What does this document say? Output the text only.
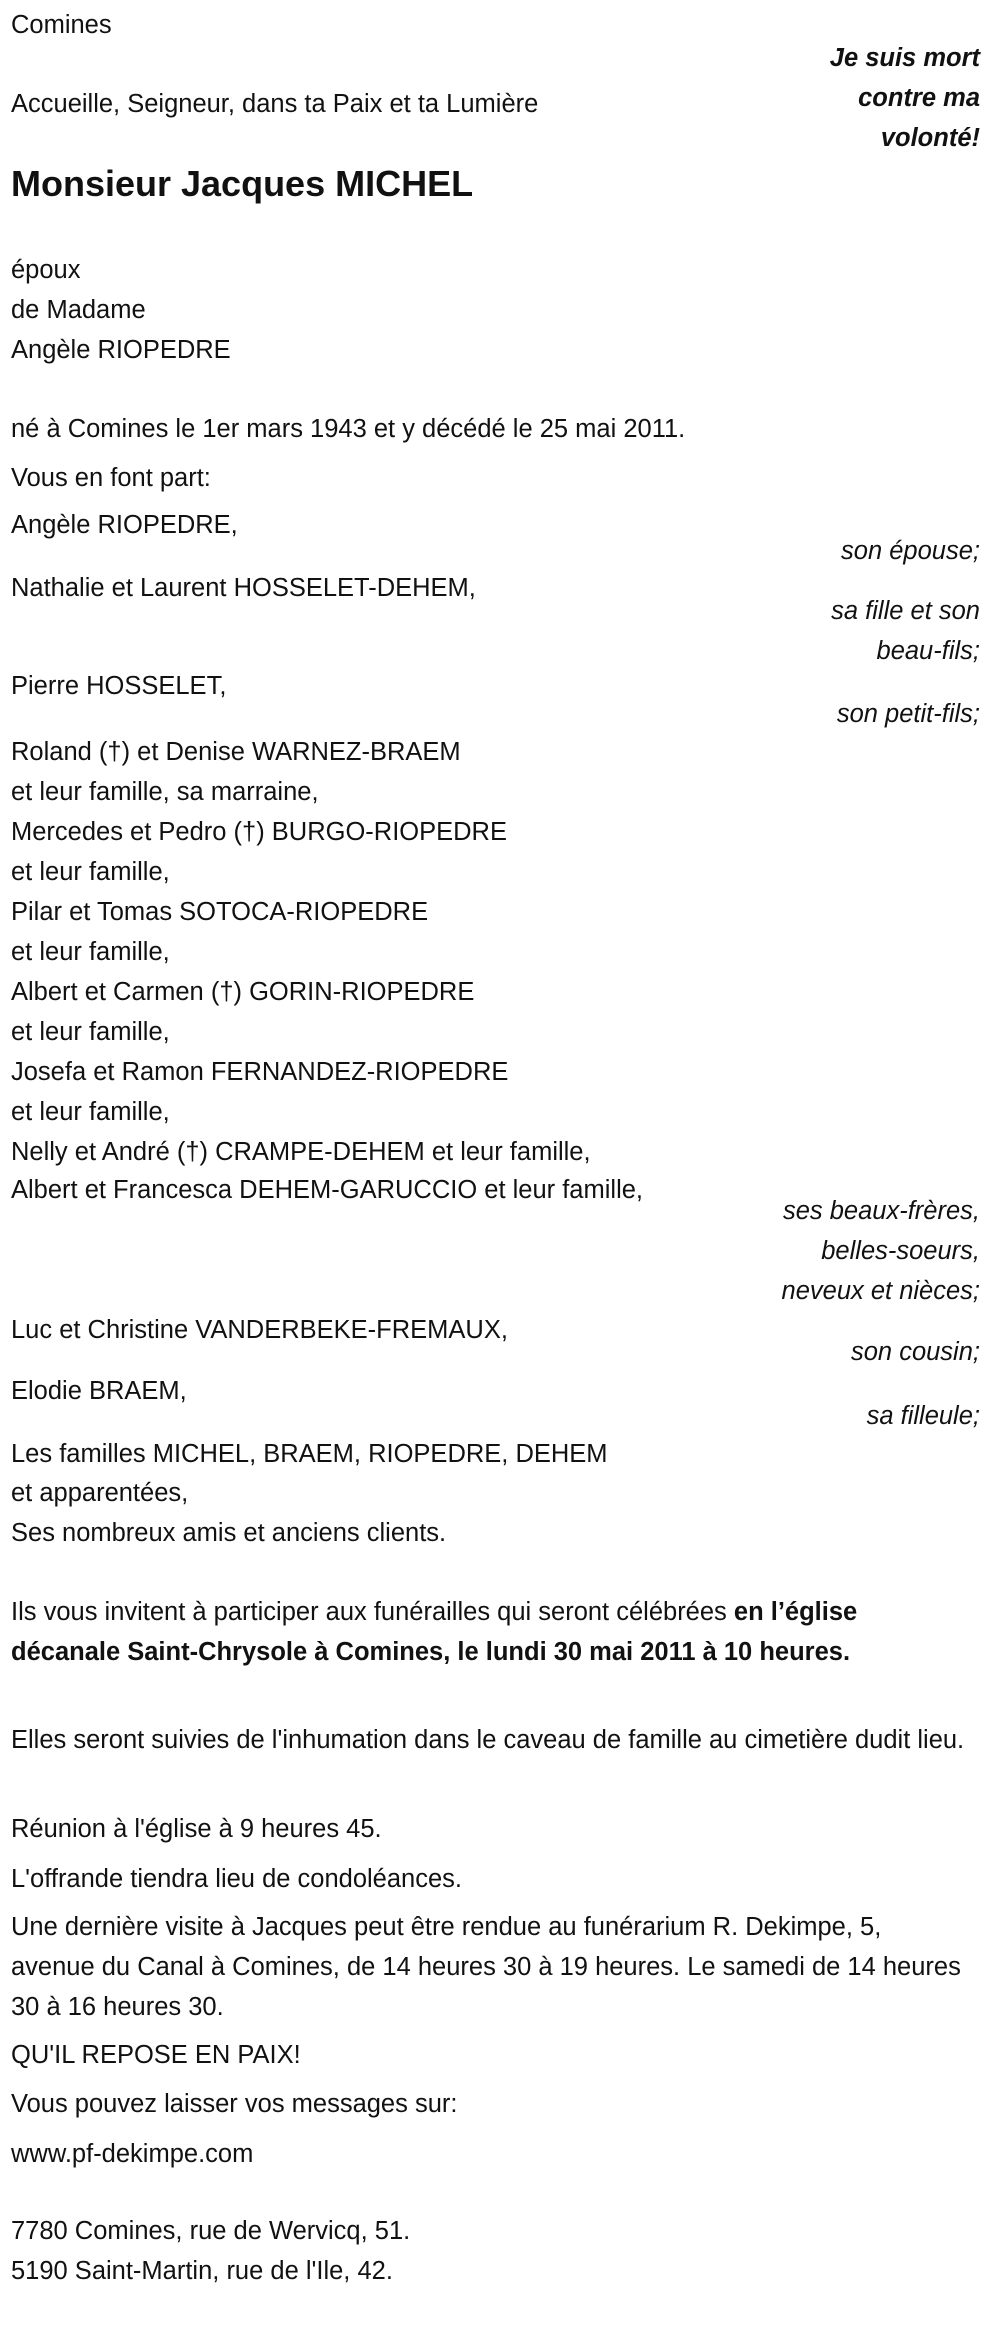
Comines
Je suis mort
contre ma
volonté!
Accueille, Seigneur, dans ta Paix et ta Lumière
Monsieur Jacques MICHEL
époux
de Madame
Angèle RIOPEDRE
né à Comines le 1er mars 1943 et y décédé le 25 mai 2011.
Vous en font part:
Angèle RIOPEDRE,
son épouse;
Nathalie et Laurent HOSSELET-DEHEM,
sa fille et son
beau-fils;
Pierre HOSSELET,
son petit-fils;
Roland (†) et Denise WARNEZ-BRAEM
et leur famille, sa marraine,
Mercedes et Pedro (†) BURGO-RIOPEDRE
et leur famille,
Pilar et Tomas SOTOCA-RIOPEDRE
et leur famille,
Albert et Carmen (†) GORIN-RIOPEDRE
et leur famille,
Josefa et Ramon FERNANDEZ-RIOPEDRE
et leur famille,
Nelly et André (†) CRAMPE-DEHEM et leur famille,
Albert et Francesca DEHEM-GARUCCIO et leur famille,
ses beaux-frères,
belles-soeurs,
neveux et nièces;
Luc et Christine VANDERBEKE-FREMAUX,
son cousin;
Elodie BRAEM,
sa filleule;
Les familles MICHEL, BRAEM, RIOPEDRE, DEHEM
et apparentées,
Ses nombreux amis et anciens clients.
Ils vous invitent à participer aux funérailles qui seront célébrées en l’église décanale Saint-Chrysole à Comines, le lundi 30 mai 2011 à 10 heures.
Elles seront suivies de l'inhumation dans le caveau de famille au cimetière dudit lieu.
Réunion à l'église à 9 heures 45.
L'offrande tiendra lieu de condoléances.
Une dernière visite à Jacques peut être rendue au funérarium R. Dekimpe, 5, avenue du Canal à Comines, de 14 heures 30 à 19 heures. Le samedi de 14 heures 30 à 16 heures 30.
QU'IL REPOSE EN PAIX!
Vous pouvez laisser vos messages sur:
www.pf-dekimpe.com
7780 Comines, rue de Wervicq, 51.
5190 Saint-Martin, rue de l'Ile, 42.
